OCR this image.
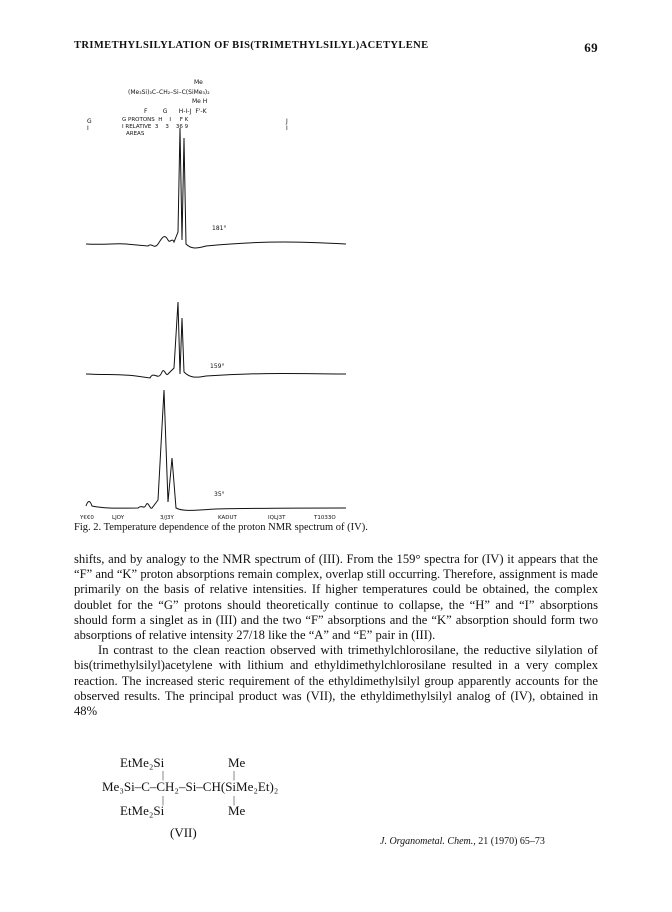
TRIMETHYLSILYLATION OF BIS(TRIMETHYLSILYL)ACETYLENE	69
Me
(Me₃Si)₃C–CH₂–Si–C(SiMe₃)₂
Me H
F        G      H-I-J  F'-K
G
I
G PROTONS  H    I     F K
I RELATIVE  3    3    36 9
AREAS
J
I
181°
159°
35°
Y€€0	LJOY	3/J3Y	KADUT	IQLJ3T	T1033O
Fig. 2. Temperature dependence of the proton NMR spectrum of (IV).

shifts, and by analogy to the NMR spectrum of (III). From the 159° spectra for (IV) it appears that the “F” and “K” proton absorptions remain complex, overlap still occurring. Therefore, assignment is made primarily on the basis of relative intensities. If higher temperatures could be obtained, the complex doublet for the “G” protons should theoretically continue to collapse, the “H” and “I” absorptions should form a singlet as in (III) and the two “F” absorptions and the “K” absorption should form two absorptions of relative intensity 27/18 like the “A” and “E” pair in (III).

In contrast to the clean reaction observed with trimethylchlorosilane, the reductive silylation of bis(trimethylsilyl)acetylene with lithium and ethyldimethylchlorosilane resulted in a very complex reaction. The increased steric requirement of the ethyldimethylsilyl group apparently accounts for the observed results. The principal product was (VII), the ethyldimethylsilyl analog of (IV), obtained in 48%

EtMe₂Si	Me
|	|
Me₃Si–C–CH₂–Si–CH(SiMe₂Et)₂
|	|
EtMe₂Si	Me
(VII)
J. Organometal. Chem., 21 (1970) 65–73
